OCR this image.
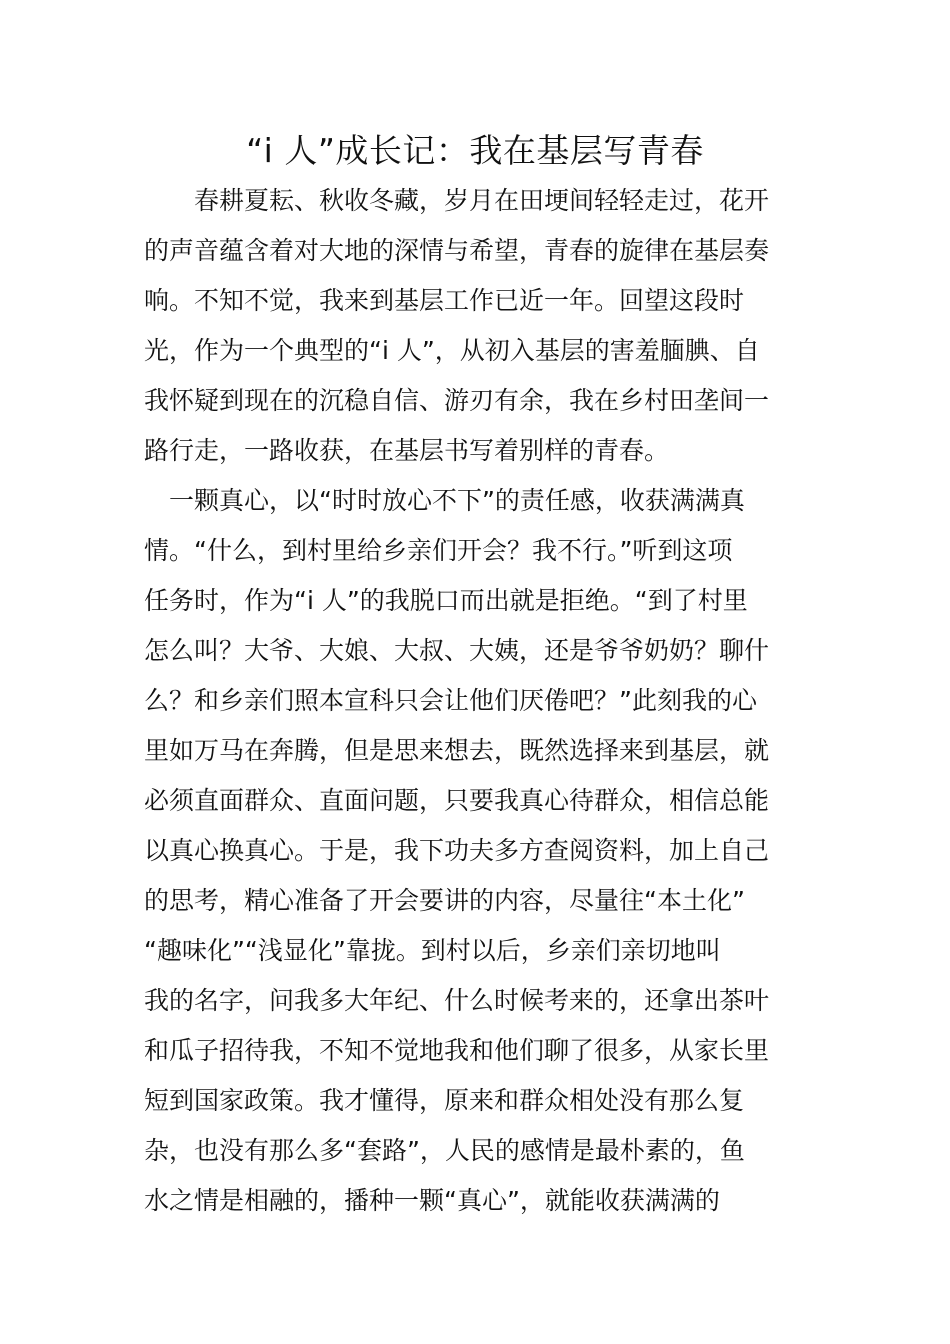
“i 人”成长记：我在基层写青春
　　春耕夏耘、秋收冬藏，岁月在田埂间轻轻走过，花开
的声音蕴含着对大地的深情与希望，青春的旋律在基层奏
响。不知不觉，我来到基层工作已近一年。回望这段时
光，作为一个典型的“i 人”，从初入基层的害羞腼腆、自
我怀疑到现在的沉稳自信、游刃有余，我在乡村田垄间一
路行走，一路收获，在基层书写着别样的青春。
　一颗真心，以“时时放心不下”的责任感，收获满满真
情。“什么，到村里给乡亲们开会？我不行。”听到这项
任务时，作为“i 人”的我脱口而出就是拒绝。“到了村里
怎么叫？大爷、大娘、大叔、大姨，还是爷爷奶奶？聊什
么？和乡亲们照本宣科只会让他们厌倦吧？”此刻我的心
里如万马在奔腾，但是思来想去，既然选择来到基层，就
必须直面群众、直面问题，只要我真心待群众，相信总能
以真心换真心。于是，我下功夫多方查阅资料，加上自己
的思考，精心准备了开会要讲的内容，尽量往“本土化”
“趣味化”“浅显化”靠拢。到村以后，乡亲们亲切地叫
我的名字，问我多大年纪、什么时候考来的，还拿出茶叶
和瓜子招待我，不知不觉地我和他们聊了很多，从家长里
短到国家政策。我才懂得，原来和群众相处没有那么复
杂，也没有那么多“套路”，人民的感情是最朴素的，鱼
水之情是相融的，播种一颗“真心”，就能收获满满的
